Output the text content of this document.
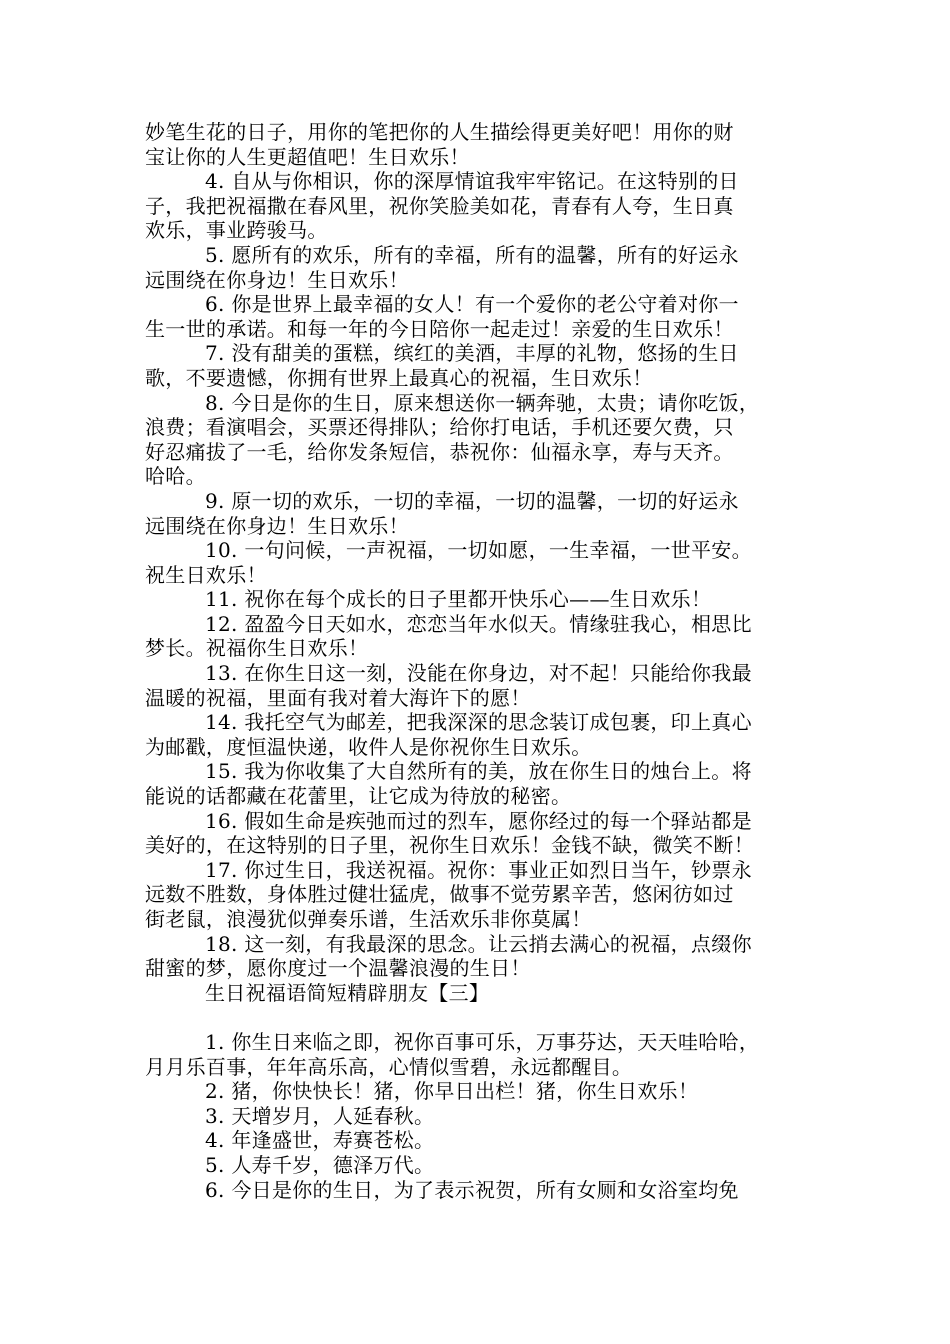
妙笔生花的日子，用你的笔把你的人生描绘得更美好吧！用你的财
宝让你的人生更超值吧！生日欢乐！
4. 自从与你相识，你的深厚情谊我牢牢铭记。在这特别的日
子，我把祝福撒在春风里，祝你笑脸美如花，青春有人夸，生日真
欢乐，事业跨骏马。
5. 愿所有的欢乐，所有的幸福，所有的温馨，所有的好运永
远围绕在你身边！生日欢乐！
6. 你是世界上最幸福的女人！有一个爱你的老公守着对你一
生一世的承诺。和每一年的今日陪你一起走过！亲爱的生日欢乐！
7. 没有甜美的蛋糕，缤红的美酒，丰厚的礼物，悠扬的生日
歌，不要遗憾，你拥有世界上最真心的祝福，生日欢乐！
8. 今日是你的生日，原来想送你一辆奔驰，太贵；请你吃饭，
浪费；看演唱会，买票还得排队；给你打电话，手机还要欠费，只
好忍痛拔了一毛，给你发条短信，恭祝你：仙福永享，寿与天齐。
哈哈。
9. 原一切的欢乐，一切的幸福，一切的温馨，一切的好运永
远围绕在你身边！生日欢乐！
10. 一句问候，一声祝福，一切如愿，一生幸福，一世平安。
祝生日欢乐！
11. 祝你在每个成长的日子里都开快乐心——生日欢乐！
12. 盈盈今日天如水，恋恋当年水似天。情缘驻我心，相思比
梦长。祝福你生日欢乐！
13. 在你生日这一刻，没能在你身边，对不起！只能给你我最
温暖的祝福，里面有我对着大海许下的愿！
14. 我托空气为邮差，把我深深的思念装订成包裹，印上真心
为邮戳，度恒温快递，收件人是你祝你生日欢乐。
15. 我为你收集了大自然所有的美，放在你生日的烛台上。将
能说的话都藏在花蕾里，让它成为待放的秘密。
16. 假如生命是疾弛而过的烈车，愿你经过的每一个驿站都是
美好的，在这特别的日子里，祝你生日欢乐！金钱不缺，微笑不断！
17. 你过生日，我送祝福。祝你：事业正如烈日当午，钞票永
远数不胜数，身体胜过健壮猛虎，做事不觉劳累辛苦，悠闲彷如过
街老鼠，浪漫犹似弹奏乐谱，生活欢乐非你莫属！
18. 这一刻，有我最深的思念。让云捎去满心的祝福，点缀你
甜蜜的梦，愿你度过一个温馨浪漫的生日！
生日祝福语简短精辟朋友【三】
1. 你生日来临之即，祝你百事可乐，万事芬达，天天哇哈哈，
月月乐百事，年年高乐高，心情似雪碧，永远都醒目。
2. 猪，你快快长！猪，你早日出栏！猪，你生日欢乐！
3. 天增岁月，人延春秋。
4. 年逢盛世，寿赛苍松。
5. 人寿千岁，德泽万代。
6. 今日是你的生日，为了表示祝贺，所有女厕和女浴室均免
